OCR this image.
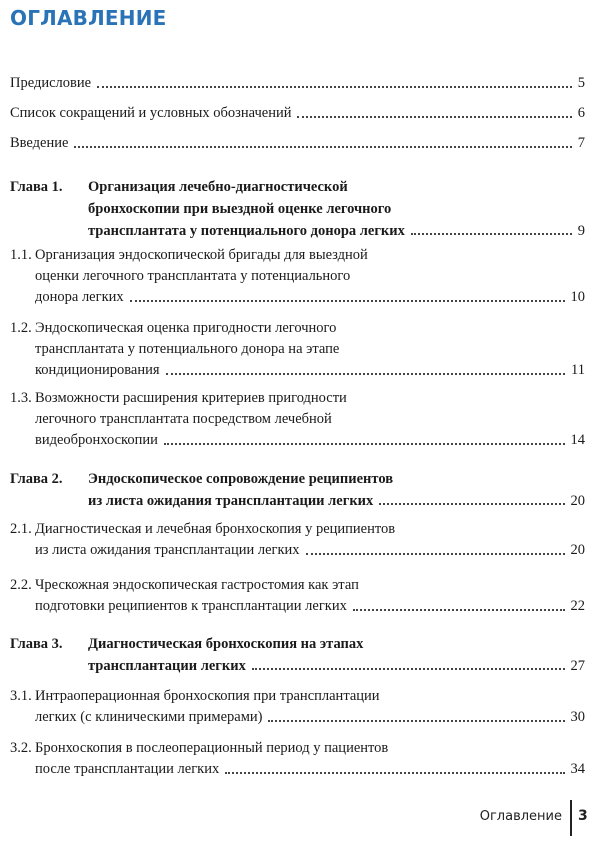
ОГЛАВЛЕНИЕ
Предисловие	5
Список сокращений и условных обозначений	6
Введение	7
Глава 1. Организация лечебно-диагностической
бронхоскопии при выездной оценке легочного
трансплантата у потенциального донора легких	9
1.1. Организация эндоскопической бригады для выездной
оценки легочного трансплантата у потенциального
донора легких	10
1.2. Эндоскопическая оценка пригодности легочного
трансплантата у потенциального донора на этапе
кондиционирования	11
1.3. Возможности расширения критериев пригодности
легочного трансплантата посредством лечебной
видеобронхоскопии	14
Глава 2. Эндоскопическое сопровождение реципиентов
из листа ожидания трансплантации легких	20
2.1. Диагностическая и лечебная бронхоскопия у реципиентов
из листа ожидания трансплантации легких	20
2.2. Чрескожная эндоскопическая гастростомия как этап
подготовки реципиентов к трансплантации легких	22
Глава 3. Диагностическая бронхоскопия на этапах
трансплантации легких	27
3.1. Интраоперационная бронхоскопия при трансплантации
легких (с клиническими примерами)	30
3.2. Бронхоскопия в послеоперационный период у пациентов
после трансплантации легких	34
Оглавление 3
